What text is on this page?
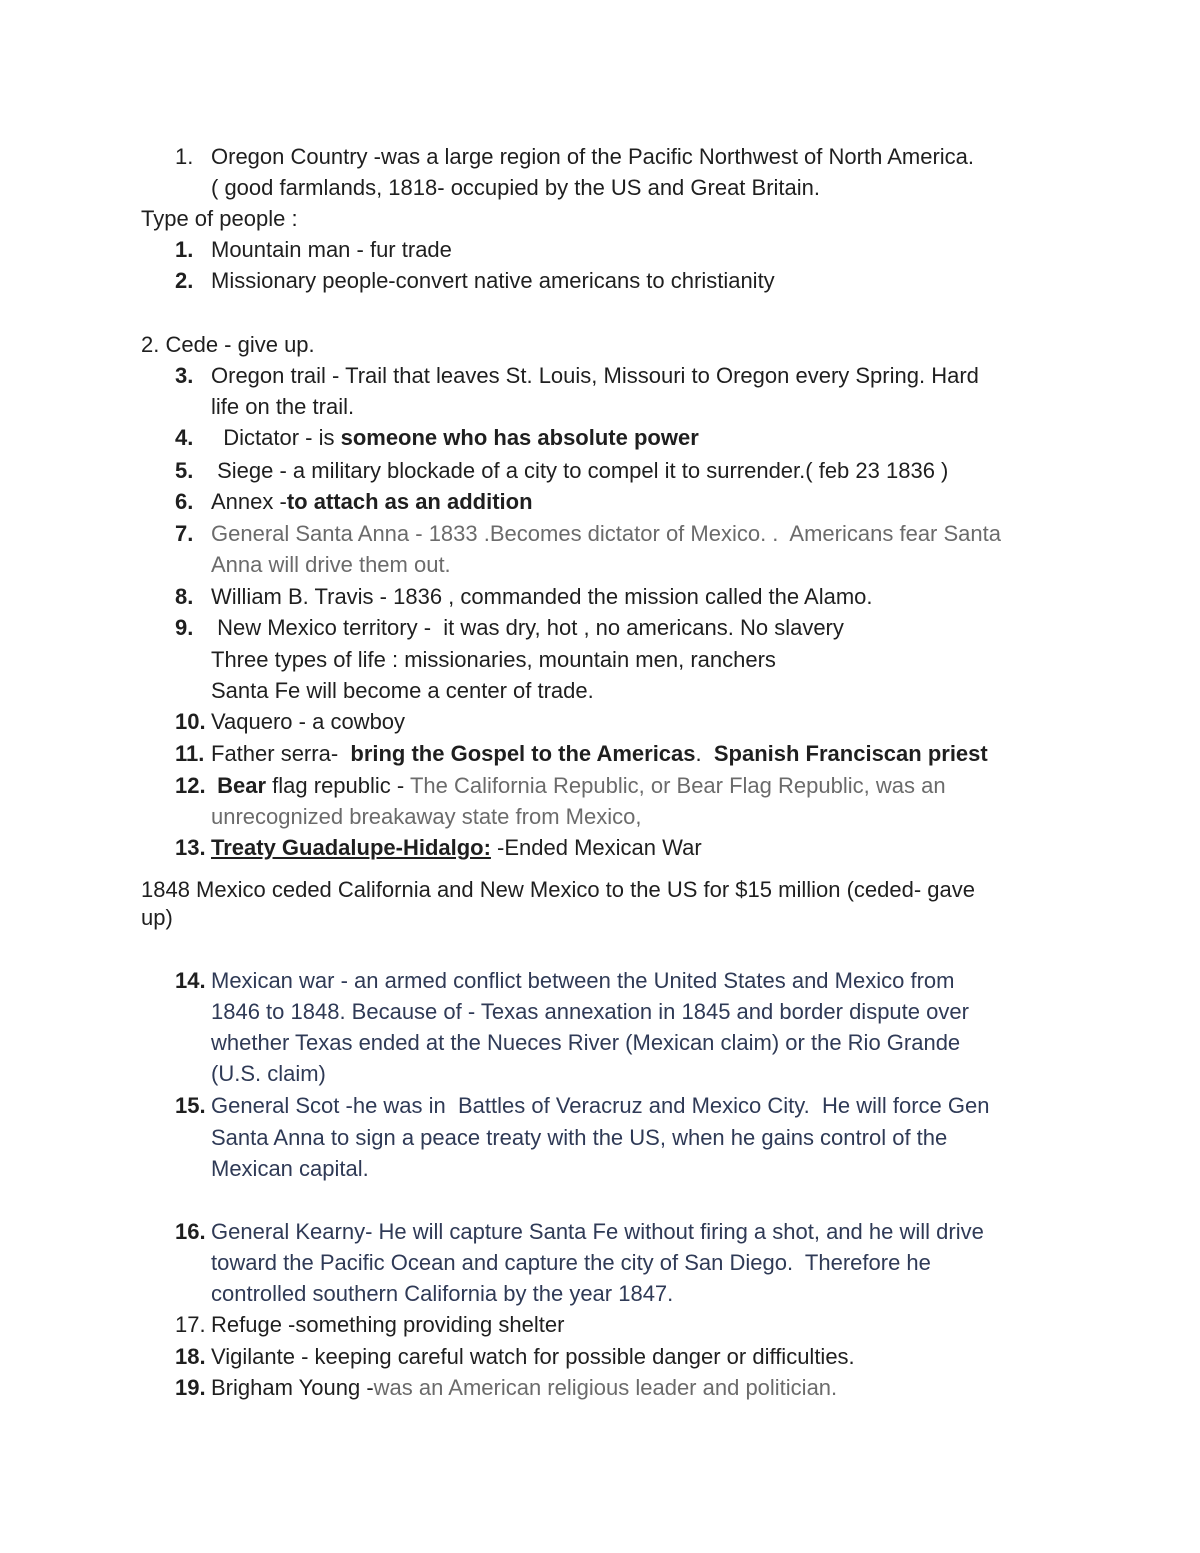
1. Oregon Country -was a large region of the Pacific Northwest of North America.
( good farmlands, 1818- occupied by the US and Great Britain.
Type of people :
1. Mountain man - fur trade
2. Missionary people-convert native americans to christianity
2. Cede - give up.
3. Oregon trail - Trail that leaves St. Louis, Missouri to Oregon every Spring. Hard
life on the trail.
4. Dictator - is someone who has absolute power
5. Siege - a military blockade of a city to compel it to surrender.( feb 23 1836 )
6. Annex -to attach as an addition
7. General Santa Anna - 1833 .Becomes dictator of Mexico. .  Americans fear Santa
Anna will drive them out.
8. William B. Travis - 1836 , commanded the mission called the Alamo.
9. New Mexico territory -  it was dry, hot , no americans. No slavery
Three types of life : missionaries, mountain men, ranchers
Santa Fe will become a center of trade.
10. Vaquero - a cowboy
11. Father serra-  bring the Gospel to the Americas.  Spanish Franciscan priest
12. Bear flag republic - The California Republic, or Bear Flag Republic, was an
unrecognized breakaway state from Mexico,
13. Treaty Guadalupe-Hidalgo: -Ended Mexican War
1848 Mexico ceded California and New Mexico to the US for $15 million (ceded- gave
up)
14. Mexican war - an armed conflict between the United States and Mexico from
1846 to 1848. Because of - Texas annexation in 1845 and border dispute over
whether Texas ended at the Nueces River (Mexican claim) or the Rio Grande
(U.S. claim)
15. General Scot -he was in  Battles of Veracruz and Mexico City.  He will force Gen
Santa Anna to sign a peace treaty with the US, when he gains control of the
Mexican capital.
16. General Kearny- He will capture Santa Fe without firing a shot, and he will drive
toward the Pacific Ocean and capture the city of San Diego.  Therefore he
controlled southern California by the year 1847.
17. Refuge -something providing shelter
18. Vigilante - keeping careful watch for possible danger or difficulties.
19. Brigham Young -was an American religious leader and politician.
